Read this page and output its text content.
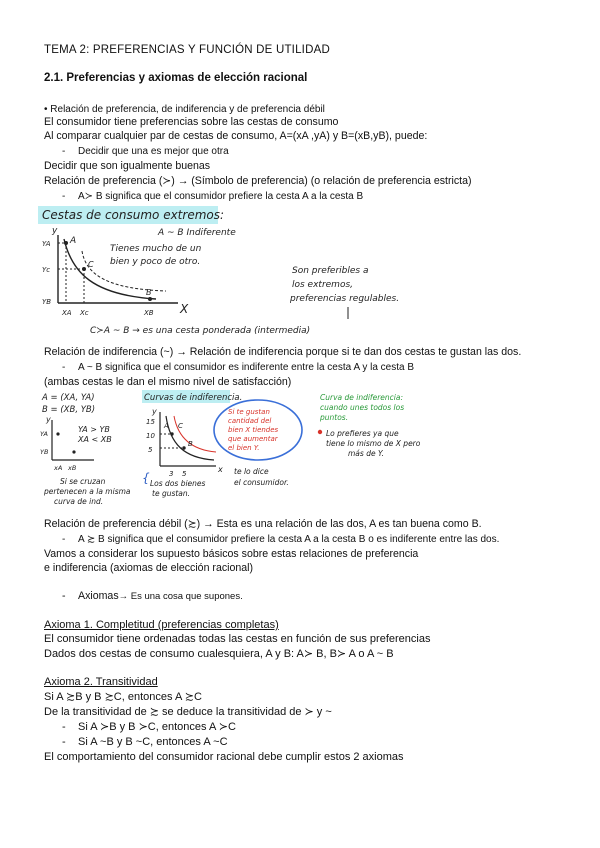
TEMA 2: PREFERENCIAS Y FUNCIÓN DE UTILIDAD
2.1. Preferencias y axiomas de elección racional
• Relación de preferencia, de indiferencia y de preferencia débil
El consumidor tiene preferencias sobre las cestas de consumo
Al comparar cualquier par de cestas de consumo, A=(xA ,yA) y B=(xB,yB), puede:
- Decidir que una es mejor que otra
Decidir que son igualmente buenas
Relación de preferencia (≻) → (Símbolo de preferencia) (o relación de preferencia estricta)
- A≻ B significa que el consumidor prefiere la cesta A a la cesta B
Cestas de consumo extremos:
A ~ B Indiferente
y
X
A
C
B
YA
Yc
YB
XA Xc	XB
Tienes mucho de un
bien y poco de otro.
Son preferibles a
los extremos,
preferencias regulables.
C≻A ~ B → es una cesta ponderada (intermedia)
Relación de indiferencia (~) → Relación de indiferencia porque si te dan dos cestas te gustan las dos.
- A ~ B significa que el consumidor es indiferente entre la cesta A y la cesta B
(ambas cestas le dan el mismo nivel de satisfacción)
A = (XA, YA)
B = (XB, YB)
y
YA
YB
xA xB
YA > YB
XA < XB
Curvas de indiferencia.
y
15
10
5
3 5
A
B
C
x
Si te gustan
cantidad del
bien X tiendes
que aumentar
el bien Y.
Curva de indiferencia:
cuando unes todos los
puntos.
Lo prefieres ya que
tiene lo mismo de X pero
más de Y.
Si se cruzan
pertenecen a la misma
curva de ind.
{ Los dos bienes
te gustan.
te lo dice
el consumidor.
Relación de preferencia débil (≿) → Esta es una relación de las dos, A es tan buena como B.
- A ≿ B significa que el consumidor prefiere la cesta A a la cesta B o es indiferente entre las dos.
Vamos a considerar los supuesto básicos sobre estas relaciones de preferencia
e indiferencia (axiomas de elección racional)
- Axiomas→ Es una cosa que supones.
Axioma 1. Completitud (preferencias completas)
El consumidor tiene ordenadas todas las cestas en función de sus preferencias
Dados dos cestas de consumo cualesquiera, A y B: A≻ B, B≻ A o A ~ B
Axioma 2. Transitividad
Si A ≿B y B ≿C, entonces A ≿C
De la transitividad de ≿ se deduce la transitividad de ≻ y ~
- Si A ≻B y B ≻C, entonces A ≻C
- Si A ~B y B ~C, entonces A ~C
El comportamiento del consumidor racional debe cumplir estos 2 axiomas
